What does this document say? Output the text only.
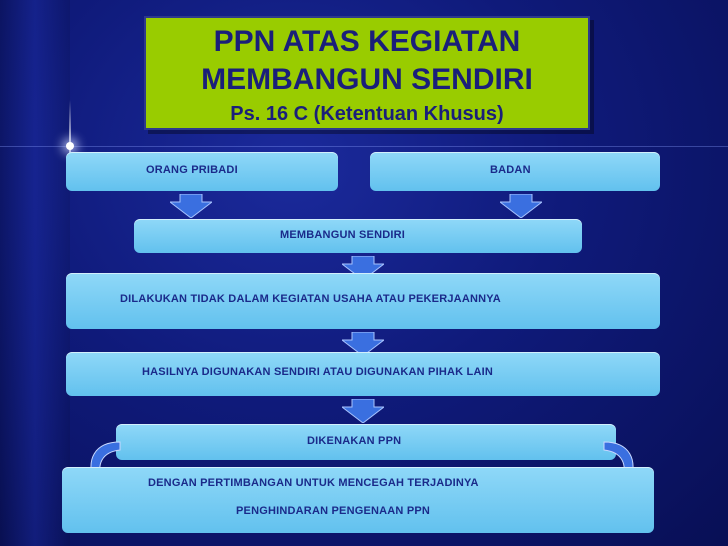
PPN ATAS KEGIATAN
MEMBANGUN SENDIRI
Ps. 16 C (Ketentuan Khusus)
ORANG PRIBADI	BADAN
MEMBANGUN SENDIRI
DILAKUKAN TIDAK DALAM KEGIATAN USAHA ATAU PEKERJAANNYA
HASILNYA DIGUNAKAN SENDIRI ATAU DIGUNAKAN PIHAK LAIN
DIKENAKAN PPN
DENGAN PERTIMBANGAN UNTUK MENCEGAH TERJADINYA
PENGHINDARAN PENGENAAN PPN
